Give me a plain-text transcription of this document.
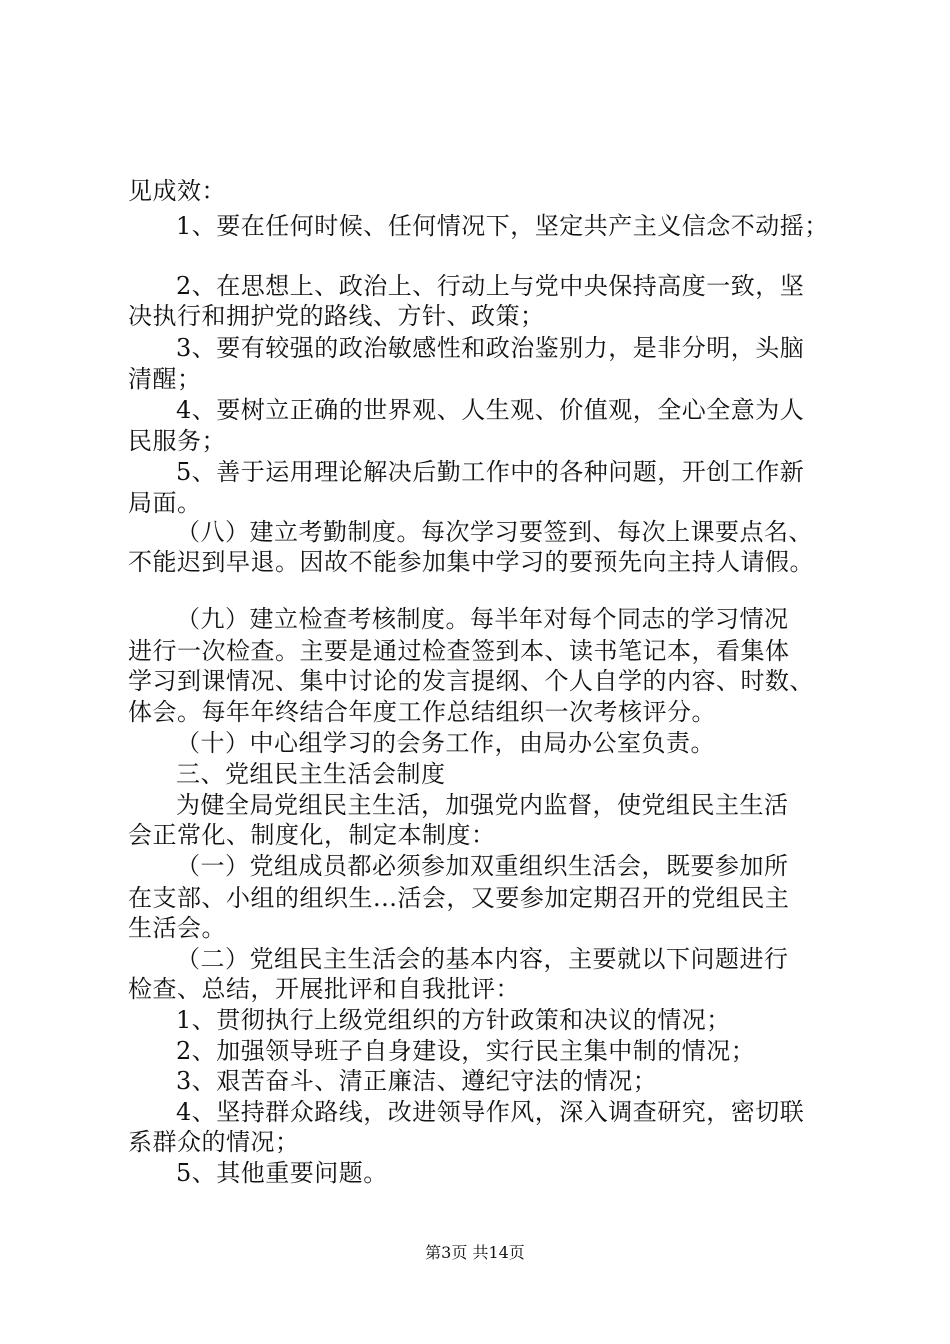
见成效：
1、要在任何时候、任何情况下，坚定共产主义信念不动摇；
2、在思想上、政治上、行动上与党中央保持高度一致，坚
决执行和拥护党的路线、方针、政策；
3、要有较强的政治敏感性和政治鉴别力，是非分明，头脑
清醒；
4、要树立正确的世界观、人生观、价值观，全心全意为人
民服务；
5、善于运用理论解决后勤工作中的各种问题，开创工作新
局面。
（八）建立考勤制度。每次学习要签到、每次上课要点名、
不能迟到早退。因故不能参加集中学习的要预先向主持人请假。
（九）建立检查考核制度。每半年对每个同志的学习情况
进行一次检查。主要是通过检查签到本、读书笔记本，看集体
学习到课情况、集中讨论的发言提纲、个人自学的内容、时数、
体会。每年年终结合年度工作总结组织一次考核评分。
（十）中心组学习的会务工作，由局办公室负责。
三、党组民主生活会制度
为健全局党组民主生活，加强党内监督，使党组民主生活
会正常化、制度化，制定本制度：
（一）党组成员都必须参加双重组织生活会，既要参加所
在支部、小组的组织生...活会，又要参加定期召开的党组民主
生活会。
（二）党组民主生活会的基本内容，主要就以下问题进行
检查、总结，开展批评和自我批评：
1、贯彻执行上级党组织的方针政策和决议的情况；
2、加强领导班子自身建设，实行民主集中制的情况；
3、艰苦奋斗、清正廉洁、遵纪守法的情况；
4、坚持群众路线，改进领导作风，深入调查研究，密切联
系群众的情况；
5、其他重要问题。
第3页 共14页
